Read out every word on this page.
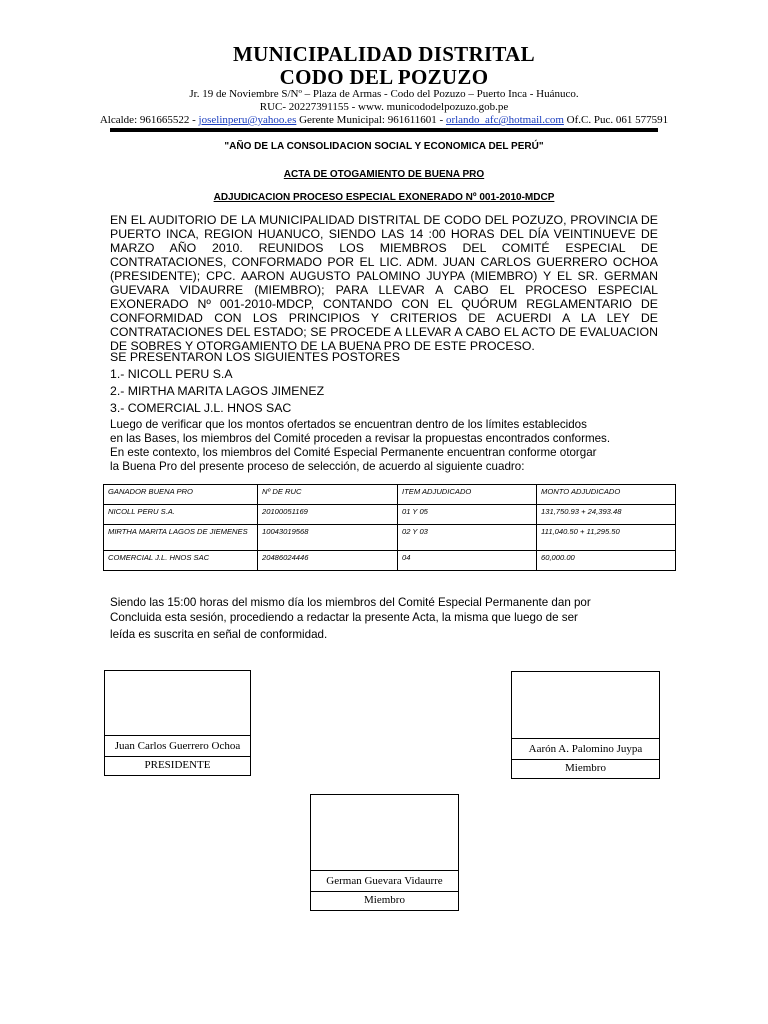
MUNICIPALIDAD DISTRITAL
CODO DEL POZUZO
Jr. 19 de Noviembre S/Nº – Plaza de Armas - Codo del Pozuzo – Puerto Inca - Huánuco.
RUC- 20227391155 - www. municododelpozuzo.gob.pe
Alcalde: 961665522 - joselinperu@yahoo.es Gerente Municipal: 961611601 - orlando_afc@hotmail.com Of.C. Puc. 061 577591
"AÑO DE LA CONSOLIDACION SOCIAL Y ECONOMICA DEL PERÚ"
ACTA DE OTOGAMIENTO DE BUENA PRO
ADJUDICACION PROCESO ESPECIAL EXONERADO Nº 001-2010-MDCP
EN EL AUDITORIO DE LA MUNICIPALIDAD DISTRITAL DE CODO DEL POZUZO, PROVINCIA DE PUERTO INCA, REGION HUANUCO, SIENDO LAS 14 :00 HORAS DEL DÍA VEINTINUEVE DE MARZO AÑO 2010. REUNIDOS LOS MIEMBROS DEL COMITÉ ESPECIAL DE CONTRATACIONES, CONFORMADO POR EL LIC. ADM. JUAN CARLOS GUERRERO OCHOA (PRESIDENTE); CPC. AARON AUGUSTO PALOMINO JUYPA (MIEMBRO) Y EL SR. GERMAN GUEVARA VIDAURRE (MIEMBRO); PARA LLEVAR A CABO EL PROCESO ESPECIAL EXONERADO Nº 001-2010-MDCP, CONTANDO CON EL QUÓRUM REGLAMENTARIO DE CONFORMIDAD CON LOS PRINCIPIOS Y CRITERIOS DE ACUERDI A LA LEY DE CONTRATACIONES DEL ESTADO; SE PROCEDE A LLEVAR A CABO EL ACTO DE EVALUACION DE SOBRES Y OTORGAMIENTO DE LA BUENA PRO DE ESTE PROCESO.
SE PRESENTARON LOS SIGUIENTES POSTORES
1.- NICOLL PERU S.A
2.- MIRTHA MARITA LAGOS JIMENEZ
3.- COMERCIAL J.L. HNOS SAC
Luego de verificar que los montos ofertados se encuentran dentro de los límites establecidos
en las Bases, los miembros del Comité proceden a revisar la propuestas encontrados conformes.
En este contexto, los miembros del Comité Especial Permanente encuentran conforme otorgar
la Buena Pro del presente proceso de selección, de acuerdo al siguiente cuadro:
GANADOR BUENA PRO	Nº DE RUC	ITEM ADJUDICADO	MONTO ADJUDICADO
NICOLL PERU S.A.	20100051169	01 Y 05	131,750.93 + 24,393.48
MIRTHA MARITA LAGOS DE JIEMENES	10043019568	02 Y 03	111,040.50 + 11,295.50
COMERCIAL J.L. HNOS SAC	20486024446	04	60,000.00
Siendo las 15:00 horas del mismo día los miembros del Comité Especial Permanente dan por
Concluida esta sesión, procediendo a redactar la presente Acta, la misma que luego de ser
leída es suscrita en señal de conformidad.
Juan Carlos Guerrero Ochoa
PRESIDENTE
Aarón A. Palomino Juypa
Miembro
German Guevara Vidaurre
Miembro
